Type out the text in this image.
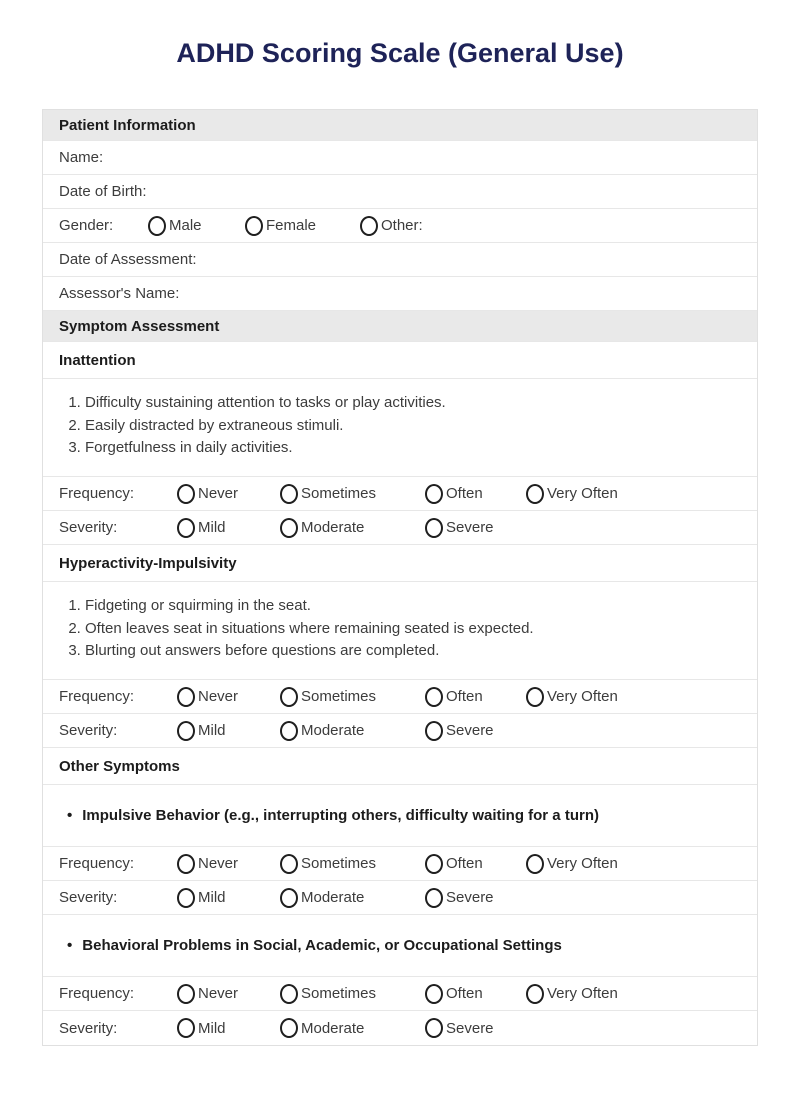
ADHD Scoring Scale (General Use)
Patient Information
Name:
Date of Birth:
Gender:	Male	Female	Other:
Date of Assessment:
Assessor's Name:
Symptom Assessment
Inattention
1. Difficulty sustaining attention to tasks or play activities.
2. Easily distracted by extraneous stimuli.
3. Forgetfulness in daily activities.
Frequency:	Never	Sometimes	Often	Very Often
Severity:	Mild	Moderate	Severe
Hyperactivity-Impulsivity
1. Fidgeting or squirming in the seat.
2. Often leaves seat in situations where remaining seated is expected.
3. Blurting out answers before questions are completed.
Frequency:	Never	Sometimes	Often	Very Often
Severity:	Mild	Moderate	Severe
Other Symptoms
• Impulsive Behavior (e.g., interrupting others, difficulty waiting for a turn)
Frequency:	Never	Sometimes	Often	Very Often
Severity:	Mild	Moderate	Severe
• Behavioral Problems in Social, Academic, or Occupational Settings
Frequency:	Never	Sometimes	Often	Very Often
Severity:	Mild	Moderate	Severe
